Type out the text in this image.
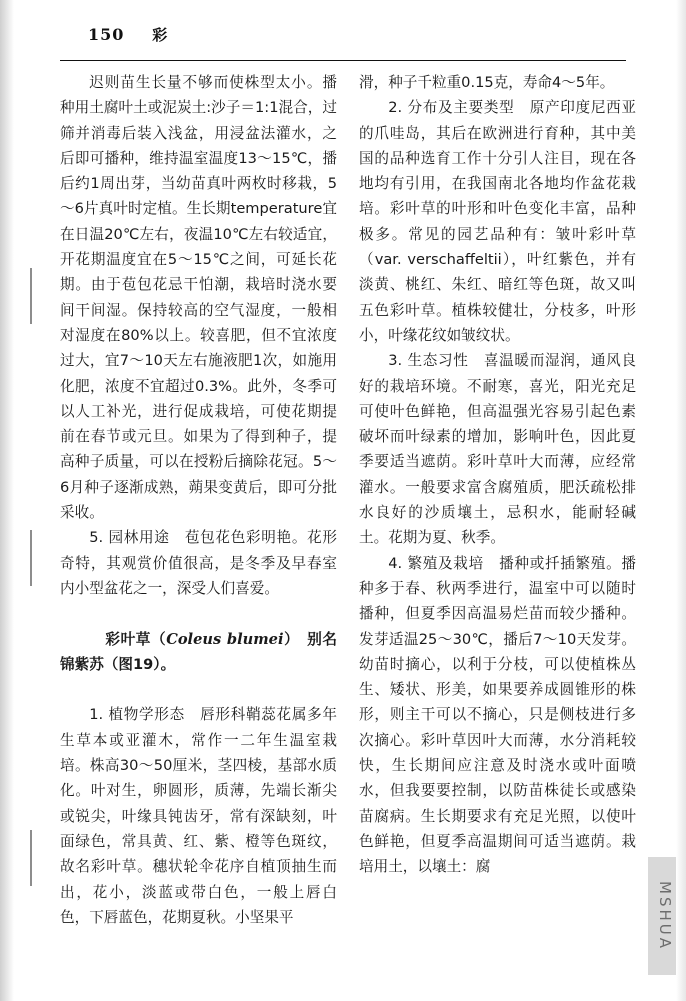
150 彩

迟则苗生长量不够而使株型太小。播种用土腐叶土或泥炭土:沙子＝1:1混合，过筛并消毒后装入浅盆，用浸盆法灌水，之后即可播种，维持温室温度13～15℃，播后约1周出芽，当幼苗真叶两枚时移栽，5～6片真叶时定植。生长期temperature宜在日温20℃左右，夜温10℃左右较适宜，开花期温度宜在5～15℃之间，可延长花期。由于苞包花忌干怕潮，栽培时浇水要间干间湿。保持较高的空气湿度，一般相对湿度在80%以上。较喜肥，但不宜浓度过大，宜7～10天左右施液肥1次，如施用化肥，浓度不宜超过0.3%。此外，冬季可以人工补光，进行促成栽培，可使花期提前在春节或元旦。如果为了得到种子，提高种子质量，可以在授粉后摘除花冠。5～6月种子逐渐成熟，蒴果变黄后，即可分批采收。

5. 园林用途　苞包花色彩明艳。花形奇特，其观赏价值很高，是冬季及早春室内小型盆花之一，深受人们喜爱。

彩叶草（Coleus blumei）　别名锦紫苏（图19）。

1. 植物学形态　唇形科鞘蕊花属多年生草本或亚灌木，常作一二年生温室栽培。株高30～50厘米，茎四棱，基部水质化。叶对生，卵圆形，质薄，先端长渐尖或锐尖，叶缘具钝齿牙，常有深缺刻，叶面绿色，常具黄、红、紫、橙等色斑纹，故名彩叶草。穗状轮伞花序自植顶抽生而出，花小，淡蓝或带白色，一般上唇白色，下唇蓝色，花期夏秋。小坚果平

滑，种子千粒重0.15克，寿命4～5年。

2. 分布及主要类型　原产印度尼西亚的爪哇岛，其后在欧洲进行育种，其中美国的品种选育工作十分引人注目，现在各地均有引用，在我国南北各地均作盆花栽培。彩叶草的叶形和叶色变化丰富，品种极多。常见的园艺品种有：皱叶彩叶草（var. verschaffeltii），叶红紫色，并有淡黄、桃红、朱红、暗红等色斑，故又叫五色彩叶草。植株较健壮，分枝多，叶形小，叶缘花纹如皱纹状。

3. 生态习性　喜温暖而湿润，通风良好的栽培环境。不耐寒，喜光，阳光充足可使叶色鲜艳，但高温强光容易引起色素破坏而叶绿素的增加，影响叶色，因此夏季要适当遮荫。彩叶草叶大而薄，应经常灌水。一般要求富含腐殖质，肥沃疏松排水良好的沙质壤土，忌积水，能耐轻碱土。花期为夏、秋季。

4. 繁殖及栽培　播种或扦插繁殖。播种多于春、秋两季进行，温室中可以随时播种，但夏季因高温易烂苗而较少播种。发芽适温25～30℃，播后7～10天发芽。幼苗时摘心，以利于分枝，可以使植株丛生、矮状、形美，如果要养成圆锥形的株形，则主干可以不摘心，只是侧枝进行多次摘心。彩叶草因叶大而薄，水分消耗较快，生长期间应注意及时浇水或叶面喷水，但我要要控制，以防苗株徒长或感染苗腐病。生长期要求有充足光照，以使叶色鲜艳，但夏季高温期间可适当遮荫。栽培用土，以壤土：腐

MSHUA
